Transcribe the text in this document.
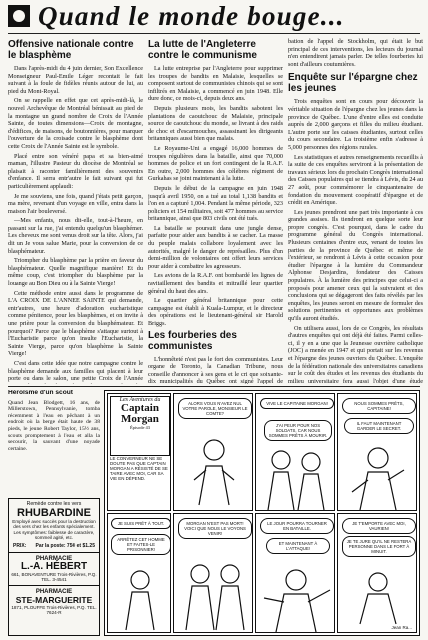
Quand le monde bouge...
Offensive nationale contre le blasphème

Dans l'après-midi du 4 juin dernier, Son Excellence Monseigneur Paul-Emile Léger recontait le fait suivant à la foule de fidèles réunis autour de lui, au pied du Mont-Royal.

On se rappelle en effet que cet après-midi-là, le nouvel Archevêque de Montréal bénissait au pied de la montagne un grand nombre de Croix de l'Année Sainte, de toutes dimensions—Croix de montagne, d'édifices, de maisons, de boutonnières, pour marquer l'ouverture de la croisade contre le blasphème dont cette Croix de l'Année Sainte est le symbole.

Placé entre son vénéré papa et sa bien-aimé maman, l'illustre Pasteur du diocèse de Montréal se plaisait à raconter familièrement des souvenirs d'enfance. Il serra entr'autre le fait suivant qui fut particulièrement applaudi:

Je me souviens, une fois, quand j'étais petit garçon, ma mère, revenant d'un voyage en ville, entra dans la maison l'air bouleversé.

—Mes enfants, nous dit-elle, tout-à-l'heure, en passant sur la rue, j'ai entendu quelqu'un blasphémer. Les cheveux me sont venus droit sur la tête. Alors, j'ai dit un Je vous salue Marie, pour la conversion de ce blasphémateur.

Triompher du blasphème par la prière en faveur du blasphémateur. Quelle magnifique manière! Et du même coup, c'est triompher du blasphème par la louange au Bon Dieu ou à la Sainte Vierge!

Cette méthode entre aussi dans le programme de L'A CROIX DE L'ANNEE SAINTE qui demande, entr'autres, une heure d'adoration eucharistique comme pénitence, pour les blasphèmes, et on invite à une prière pour la conversion du blasphémateur. Et pourquoi? Parce que le blasphème s'attaque surtout à l'Eucharistie parce qu'on insulte l'Eucharistie, la Sainte Vierge, parce qu'on blasphème la Sainte Vierge!

C'est dans cette idée que notre campagne contre le blasphème demande aux familles qui placent à leur porte ou dans le salon, une petite Croix de l'Année

La lutte de l'Angleterre contre le communisme

La lutte entreprise par l'Angleterre pour supprimer les troupes de bandits en Malaisie, lesquelles se composent surtout de communistes chinois qui se sont infiltrés en Malaisie, a commencé en juin 1948. Elle dure donc, ce mois-ci, depuis deux ans.

Depuis plusieurs mois, les bandits sabotent les plantations de caoutchouc de Malaisie, principale source de caoutchouc du monde, se livrant à des raids de choc et d'escarmouches, assassinant les dirigeants britanniques aussi bien que malais.

Le Royaume-Uni a engagé 16,000 hommes de troupes régulières dans la bataille, ainsi que 70,000 hommes de police et un fort contingent de la R.A.F. En outre, 2,000 hommes des célèbres régiment de Gurkahas se joint maintenant à la lutte.

Depuis le début de la campagne en juin 1948 jusqu'à avril 1950, on a tué au total 1,138 bandits et l'on en a capturé 1,004. Pendant la même période, 323 policiers et 154 militaires, soit 477 hommes au service britannique, ainsi que 803 civils ont été tués.

La bataille se poursuit dans une jungle dense, parfaite pour aider aux bandits à se cacher. La masse du peuple malais collabore loyalement avec les autorités, malgré le danger de représailles. Plus d'un demi-million de volontaires ont offert leurs services pour aider à combattre les agresseurs.

Les avions de la R.A.F. ont bombardé les lignes de ravitaillement des bandits et mitraillé leur quartier général du haut des airs.

Le quartier général britannique pour cette campagne est établi à Kuala-Lumpur, et le directeur des opérations est le lieutenant-général sir Harold Briggs.

Les fourberies des communistes

L'honnêteté n'est pas le fort des communistes. Leur organe de Toronto, la Canadian Tribune, nous conseille d'annoncer à ses gens et le cri que soixante-dix municipalités du Québec ont signé l'appel de

bation de l'appel de Stockholm, qui était le but principal de ces interventions, les lecteurs du journal n'en entendirent jamais parler. De telles fourberies lui sont d'ailleurs coutumières.

Enquête sur l'épargne chez les jeunes

Trois enquêtes sont en cours pour découvrir la véritable situation de l'épargne chez les jeunes dans la province de Québec. L'une d'entre elles est conduite auprès de 2,000 garçons et filles du milieu étudiant. L'autre porte sur les caisses étudiantes, surtout celles du cours secondaire. La troisième enfin s'adresse à 5,000 personnes des régions rurales.

Les statistiques et autres renseignements recueillis à la suite de ces enquêtes serviront à la présentation de travaux sérieux lors du prochain Congrès international des Caisses populaires qui se tiendra à Lévis, du 24 au 27 août, pour commémorer le cinquantenaire de fondation du mouvement coopératif d'épargne et de crédit en Amérique.

Les jeunes prendront une part très importante à ces grandes assises. Ils tiendront en quelque sorte leur propre congrès. C'est pourquoi, dans le cadre du programme général du Congrès international. Plusieurs centaines d'entre eux, venant de toutes les parties de la province de Québec et même de l'extérieur, se rendront à Lévis à cette occasion pour étudier l'épargne à la lumière du Commandeur Alphonse Desjardins, fondateur des Caisses populaires. À la lumière des principes que celui-ci a proposés pour amener ceux qui la suivraient et des conclusions qui se dégageront des faits révélés par les enquêtes, les jeunes seront en mesure de formuler des solutions pertinentes et opportunes aux problèmes qu'ils auront étudiés.

On utilisera aussi, lors de ce Congrès, les résultats d'autres enquêtes qui ont déjà été faites. Parmi celles-ci, il y en a une que la Jeunesse ouvrière catholique (JOC) a menée en 1947 et qui portait sur les revenus et l'épargne des jeunes ouvriers du Québec. L'enquête de la fédération nationale des universitaires canadiens sur le coût des études et les revenus des étudiants du milieu universitaire fera aussi l'objet d'une étude

Héroïsme d'un scout

Quand Jean Blodgett, 16 ans, de Millerstown, Pennsylvanie, tomba récemment à l'eau en pêchant à un endroit où la berge était haute de 38 pieds, le jeune Robert Taylor, 15½ ans, scouts promptement à l'eau et alla la secourir, la sauvant d'une noyade certaine.

Remède contre les vers
RHUBARDINE
Employé avec succès pour la destruction des vers chez les enfants spécialement. Les symptômes: faiblesse de caractère, sommeil agité, etc.
PRIX: Par la poste: 75¢ et $1.25
PHARMACIE
L.-A. HÉBERT
661, BONAVENTURE Trois-Rivières, P.Q. TEL. 3-4541
PHARMACIE
STE-MARGUERITE
1871, PLOUFFE Trois-Rivières, P.Q. TEL. 7624-R
Les Aventures du
Captain Morgan
Épisode 43
LE CONVERNEUR NE SE DOUTE PAS QUE CAPTAIN MORGAN A RÉSISTÉ DE SE TAIRE AVEC MOI, CAR SA VIE EN DÉPEND.
ALORS VOUS N'AVEZ NUL VOTRE PAROLE, MONSIEUR LE COMTE?
VIVE LE CAPITAINE MORGAN!
J'AI PEUR POUR NOS SOLDATS, CAR NOUS SOMMES PRÊTS À MOURIR.
NOUS SOMMES PRÊTS, CAPITAINE!
IL FAUT MAINTENANT GARDER LE SECRET.
JE SUIS PRÊT À TOUT.
ARRÊTEZ CET HOMME ET FAITES-LE PRISONNIER!
MORGAN N'EST PAS MORT! VOICI QUE NOUS LE VOYONS VENIR!
LE JOUR POURRA TOURNER EN BATAILLE.
ET MAINTENANT À L'ATTAQUE!
JE T'EMPORTE AVEC MOI, VAURIEN!
JE TE JURE QU'IL NE RESTERA PERSONNE DANS LE FORT À MINUIT.
Jean Ra...
